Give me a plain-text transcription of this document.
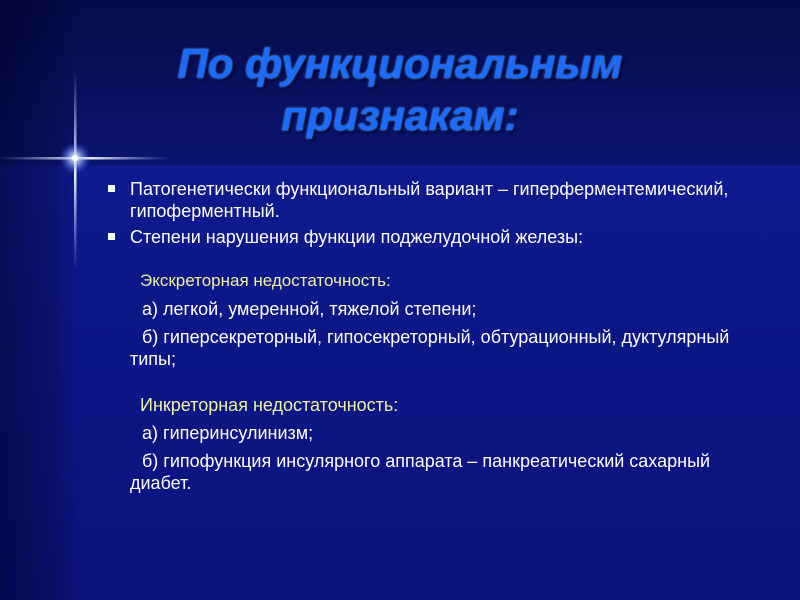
По функциональным
признакам:
Патогенетически функциональный вариант – гиперферментемический, гипоферментный.
Степени нарушения функции поджелудочной железы:
Экскреторная недостаточность:
а) легкой, умеренной, тяжелой степени;
б) гиперсекреторный, гипосекреторный, обтурационный, дуктулярный типы;
Инкреторная недостаточность:
а) гиперинсулинизм;
б) гипофункция инсулярного аппарата – панкреатический сахарный диабет.
